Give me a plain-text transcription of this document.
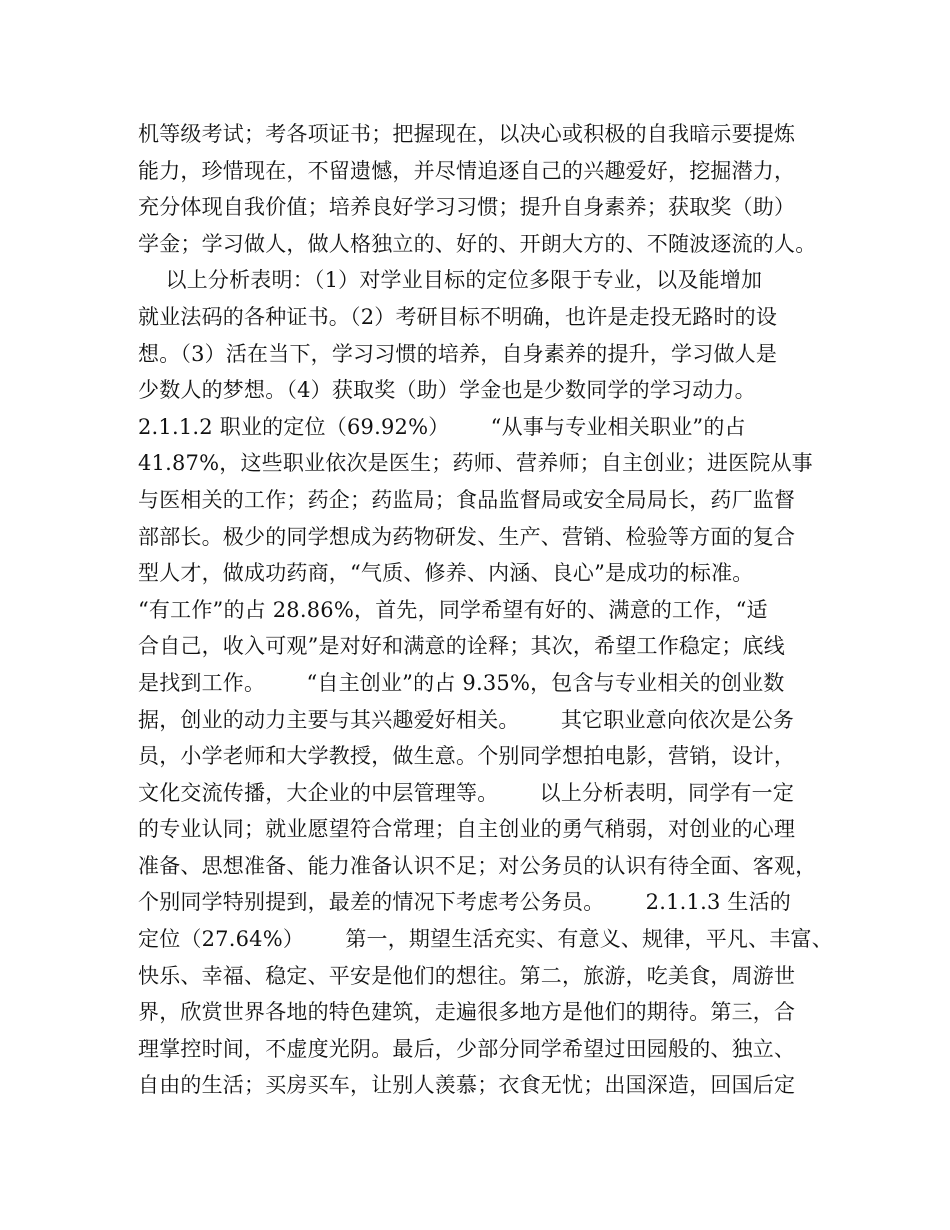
机等级考试；考各项证书；把握现在，以决心或积极的自我暗示要提炼
能力，珍惜现在，不留遗憾，并尽情追逐自己的兴趣爱好，挖掘潜力，
充分体现自我价值；培养良好学习习惯；提升自身素养；获取奖（助）
学金；学习做人，做人格独立的、好的、开朗大方的、不随波逐流的人。
以上分析表明：（1）对学业目标的定位多限于专业，以及能增加
就业法码的各种证书。（2）考研目标不明确，也许是走投无路时的设
想。（3）活在当下，学习习惯的培养，自身素养的提升，学习做人是
少数人的梦想。（4）获取奖（助）学金也是少数同学的学习动力。
2.1.1.2 职业的定位（69.92%）      “从事与专业相关职业”的占
41.87%，这些职业依次是医生；药师、营养师；自主创业；进医院从事
与医相关的工作；药企；药监局；食品监督局或安全局局长，药厂监督
部部长。极少的同学想成为药物研发、生产、营销、检验等方面的复合
型人才，做成功药商，“气质、修养、内涵、良心”是成功的标准。
“有工作”的占 28.86%，首先，同学希望有好的、满意的工作，“适
合自己，收入可观”是对好和满意的诠释；其次，希望工作稳定；底线
是找到工作。      “自主创业”的占 9.35%，包含与专业相关的创业数
据，创业的动力主要与其兴趣爱好相关。      其它职业意向依次是公务
员，小学老师和大学教授，做生意。个别同学想拍电影，营销，设计，
文化交流传播，大企业的中层管理等。      以上分析表明，同学有一定
的专业认同；就业愿望符合常理；自主创业的勇气稍弱，对创业的心理
准备、思想准备、能力准备认识不足；对公务员的认识有待全面、客观，
个别同学特别提到，最差的情况下考虑考公务员。      2.1.1.3 生活的
定位（27.64%）      第一，期望生活充实、有意义、规律，平凡、丰富、
快乐、幸福、稳定、平安是他们的想往。第二，旅游，吃美食，周游世
界，欣赏世界各地的特色建筑，走遍很多地方是他们的期待。第三，合
理掌控时间，不虚度光阴。最后，少部分同学希望过田园般的、独立、
自由的生活；买房买车，让别人羡慕；衣食无忧；出国深造，回国后定
